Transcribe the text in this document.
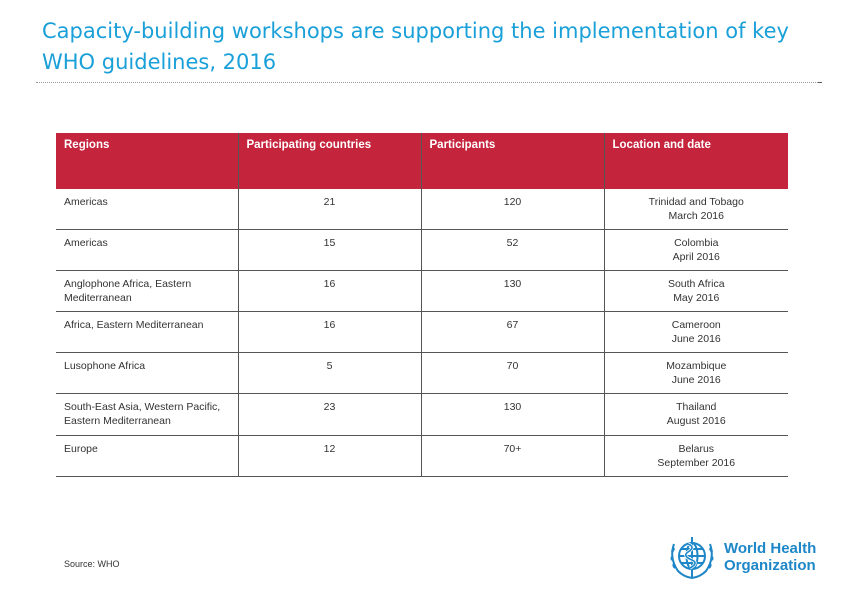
Capacity-building workshops are supporting the implementation of key WHO guidelines, 2016
Regions	Participating countries	Participants	Location and date
Americas	21	120	Trinidad and Tobago
March 2016
Americas	15	52	Colombia
April 2016
Anglophone Africa, Eastern Mediterranean	16	130	South Africa
May 2016
Africa, Eastern Mediterranean	16	67	Cameroon
June 2016
Lusophone Africa	5	70	Mozambique
June 2016
South-East Asia, Western Pacific, Eastern Mediterranean	23	130	Thailand
August 2016
Europe	12	70+	Belarus
September 2016
Source: WHO
World Health
Organization
